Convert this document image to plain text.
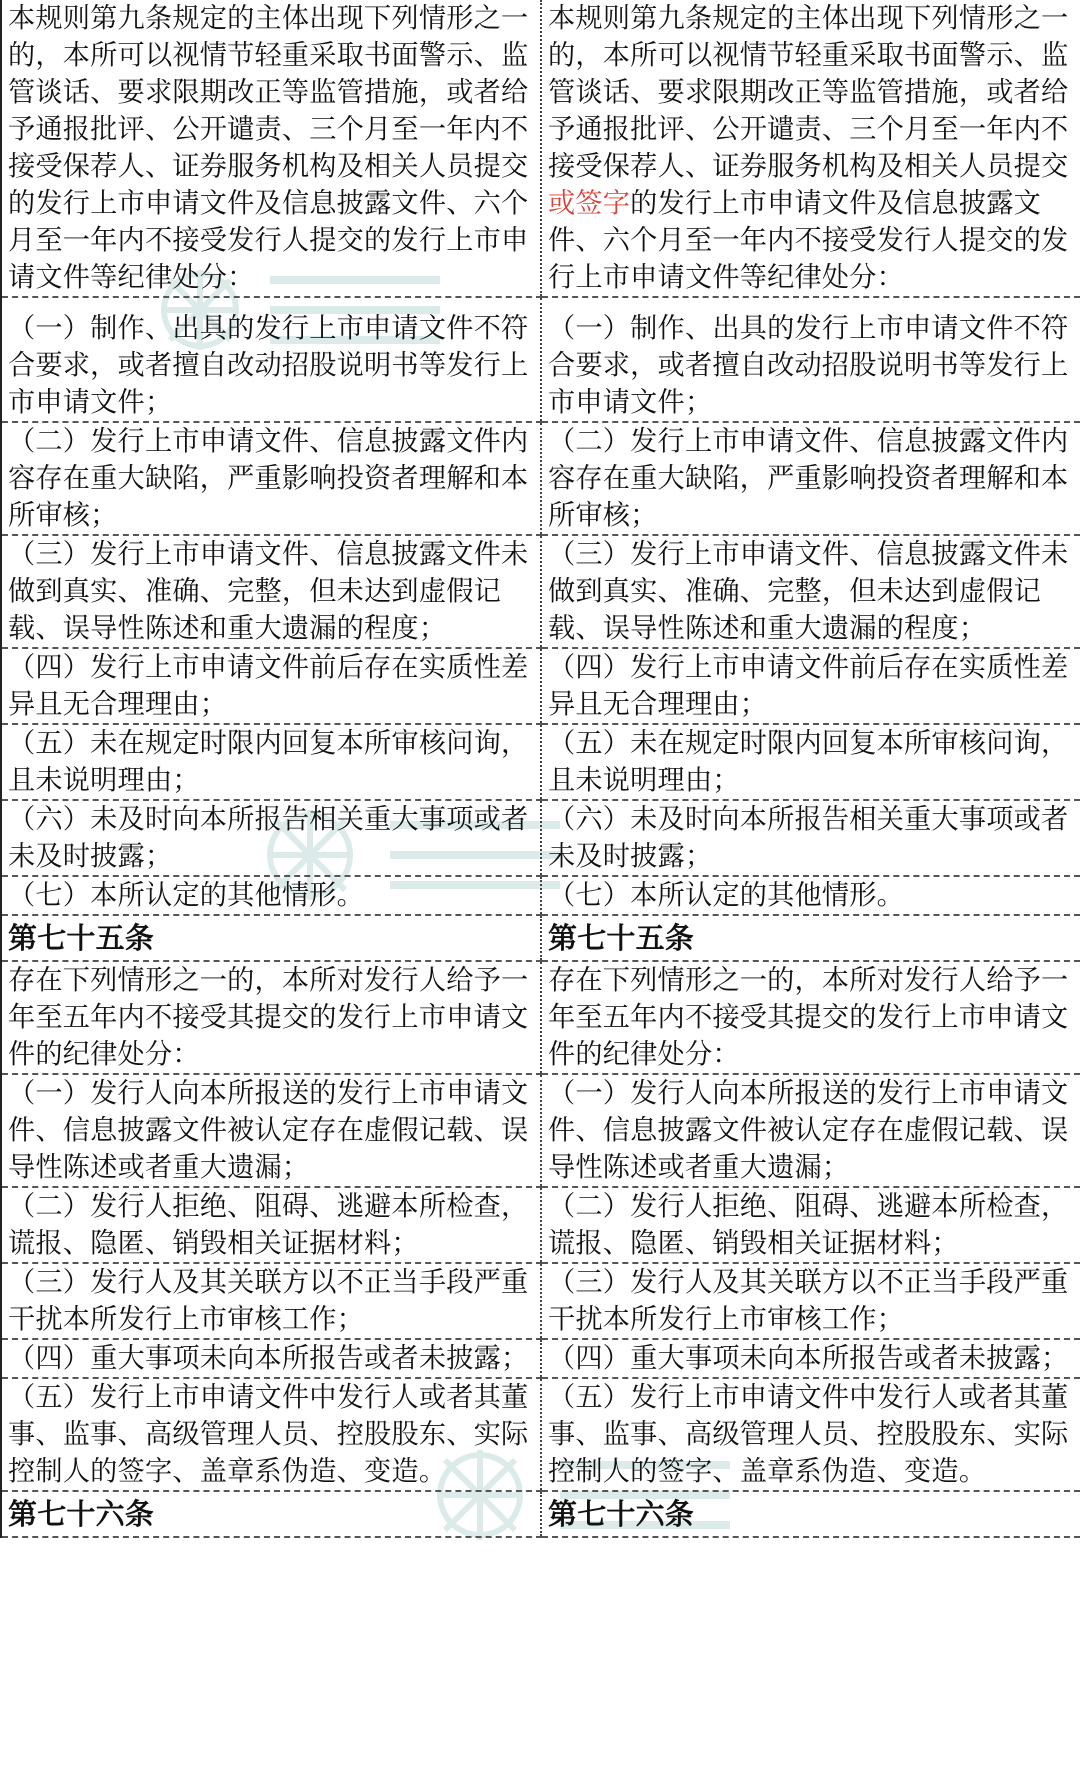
本规则第九条规定的主体出现下列情形之一的，本所可以视情节轻重采取书面警示、监管谈话、要求限期改正等监管措施，或者给予通报批评、公开谴责、三个月至一年内不接受保荐人、证券服务机构及相关人员提交的发行上市申请文件及信息披露文件、六个月至一年内不接受发行人提交的发行上市申请文件等纪律处分：	本规则第九条规定的主体出现下列情形之一的，本所可以视情节轻重采取书面警示、监管谈话、要求限期改正等监管措施，或者给予通报批评、公开谴责、三个月至一年内不接受保荐人、证券服务机构及相关人员提交或签字的发行上市申请文件及信息披露文件、六个月至一年内不接受发行人提交的发行上市申请文件等纪律处分：
（一）制作、出具的发行上市申请文件不符合要求，或者擅自改动招股说明书等发行上市申请文件；	（一）制作、出具的发行上市申请文件不符合要求，或者擅自改动招股说明书等发行上市申请文件；
（二）发行上市申请文件、信息披露文件内容存在重大缺陷，严重影响投资者理解和本所审核；	（二）发行上市申请文件、信息披露文件内容存在重大缺陷，严重影响投资者理解和本所审核；
（三）发行上市申请文件、信息披露文件未做到真实、准确、完整，但未达到虚假记载、误导性陈述和重大遗漏的程度；	（三）发行上市申请文件、信息披露文件未做到真实、准确、完整，但未达到虚假记载、误导性陈述和重大遗漏的程度；
（四）发行上市申请文件前后存在实质性差异且无合理理由；	（四）发行上市申请文件前后存在实质性差异且无合理理由；
（五）未在规定时限内回复本所审核问询，且未说明理由；	（五）未在规定时限内回复本所审核问询，且未说明理由；
（六）未及时向本所报告相关重大事项或者未及时披露；	（六）未及时向本所报告相关重大事项或者未及时披露；
（七）本所认定的其他情形。	（七）本所认定的其他情形。
第七十五条	第七十五条
存在下列情形之一的，本所对发行人给予一年至五年内不接受其提交的发行上市申请文件的纪律处分：	存在下列情形之一的，本所对发行人给予一年至五年内不接受其提交的发行上市申请文件的纪律处分：
（一）发行人向本所报送的发行上市申请文件、信息披露文件被认定存在虚假记载、误导性陈述或者重大遗漏；	（一）发行人向本所报送的发行上市申请文件、信息披露文件被认定存在虚假记载、误导性陈述或者重大遗漏；
（二）发行人拒绝、阻碍、逃避本所检查，谎报、隐匿、销毁相关证据材料；	（二）发行人拒绝、阻碍、逃避本所检查，谎报、隐匿、销毁相关证据材料；
（三）发行人及其关联方以不正当手段严重干扰本所发行上市审核工作；	（三）发行人及其关联方以不正当手段严重干扰本所发行上市审核工作；
（四）重大事项未向本所报告或者未披露；	（四）重大事项未向本所报告或者未披露；
（五）发行上市申请文件中发行人或者其董事、监事、高级管理人员、控股股东、实际控制人的签字、盖章系伪造、变造。	（五）发行上市申请文件中发行人或者其董事、监事、高级管理人员、控股股东、实际控制人的签字、盖章系伪造、变造。
第七十六条	第七十六条
